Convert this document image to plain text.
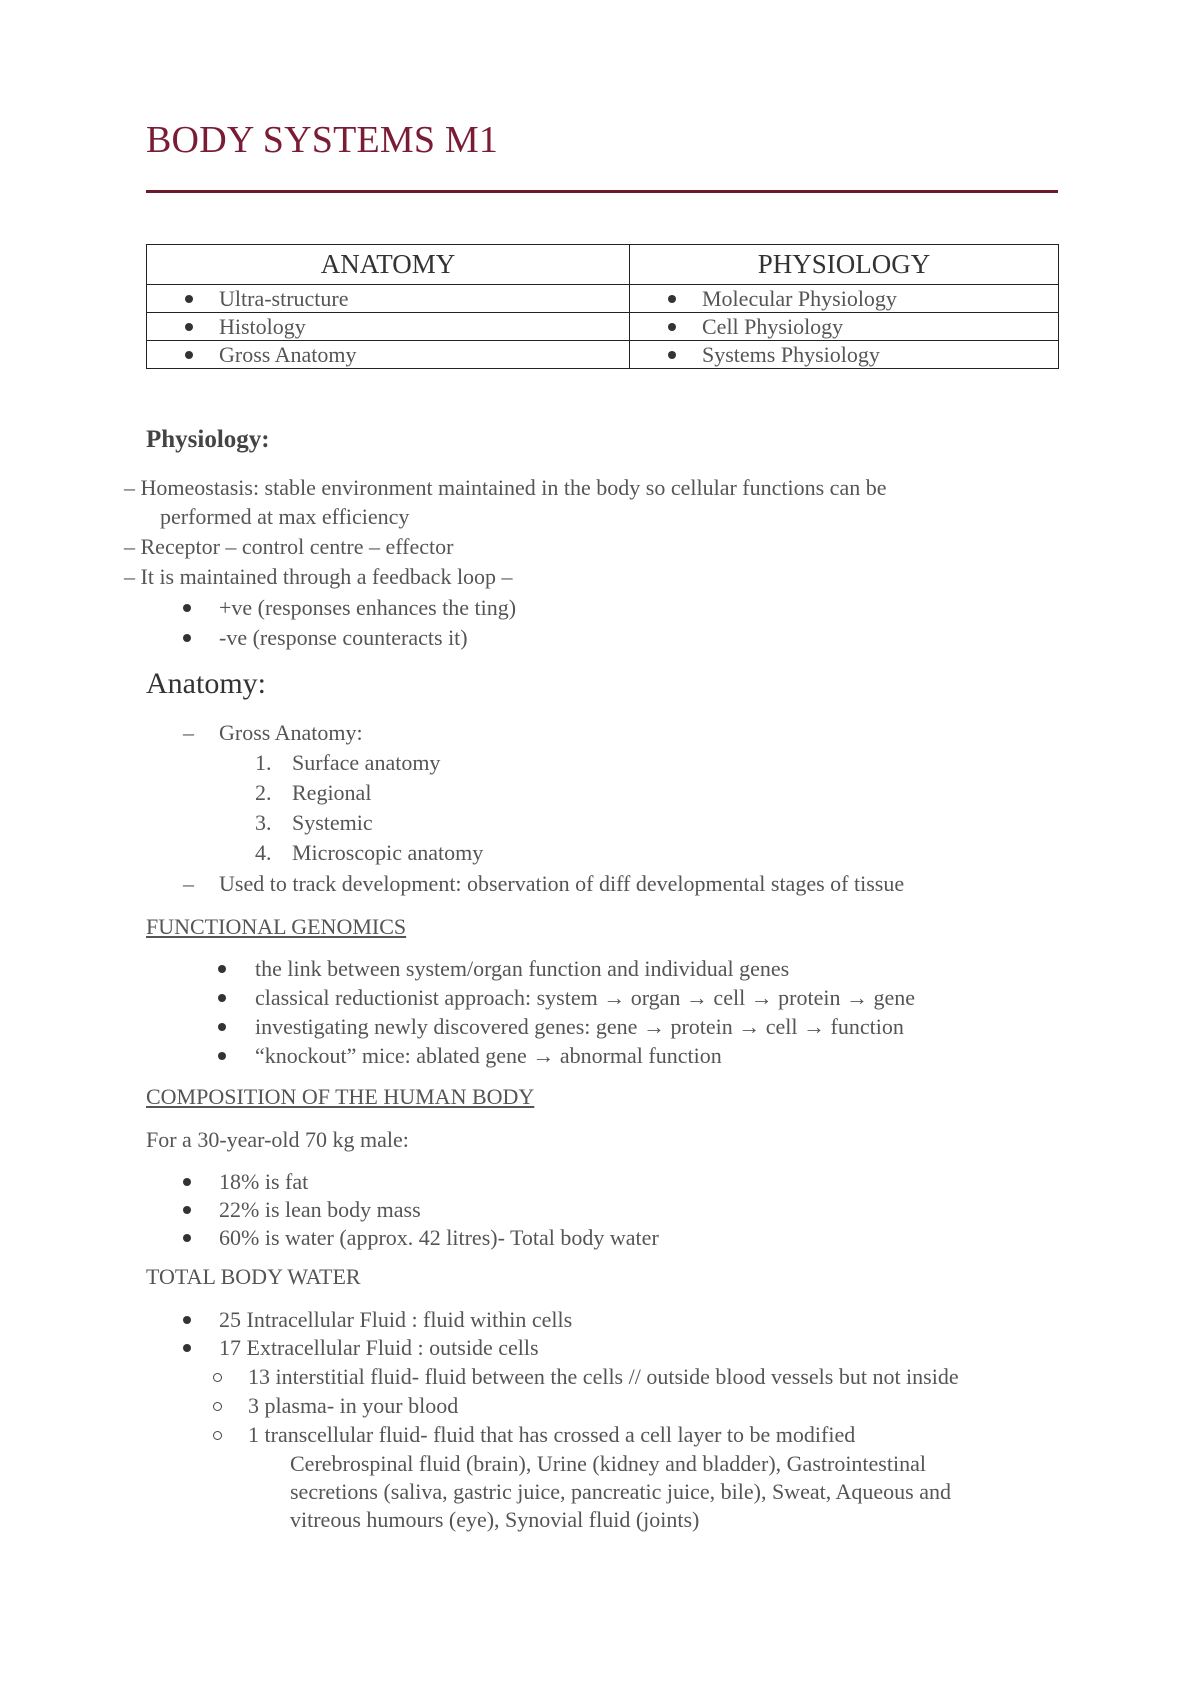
BODY SYSTEMS M1
ANATOMY	PHYSIOLOGY
Ultra-structure	Molecular Physiology
Histology	Cell Physiology
Gross Anatomy	Systems Physiology
Physiology:
– Homeostasis: stable environment maintained in the body so cellular functions can be
performed at max efficiency
– Receptor – control centre – effector
– It is maintained through a feedback loop –
+ve (responses enhances the ting)
-ve (response counteracts it)
Anatomy:
– Gross Anatomy:
1. Surface anatomy
2. Regional
3. Systemic
4. Microscopic anatomy
– Used to track development: observation of diff developmental stages of tissue
FUNCTIONAL GENOMICS
the link between system/organ function and individual genes
classical reductionist approach: system → organ → cell → protein → gene
investigating newly discovered genes: gene → protein → cell → function
“knockout” mice: ablated gene → abnormal function
COMPOSITION OF THE HUMAN BODY
For a 30-year-old 70 kg male:
18% is fat
22% is lean body mass
60% is water (approx. 42 litres)- Total body water
TOTAL BODY WATER
25 Intracellular Fluid : fluid within cells
17 Extracellular Fluid : outside cells
13 interstitial fluid- fluid between the cells // outside blood vessels but not inside
3 plasma- in your blood
1 transcellular fluid- fluid that has crossed a cell layer to be modified
Cerebrospinal fluid (brain), Urine (kidney and bladder), Gastrointestinal
secretions (saliva, gastric juice, pancreatic juice, bile), Sweat, Aqueous and
vitreous humours (eye), Synovial fluid (joints)
